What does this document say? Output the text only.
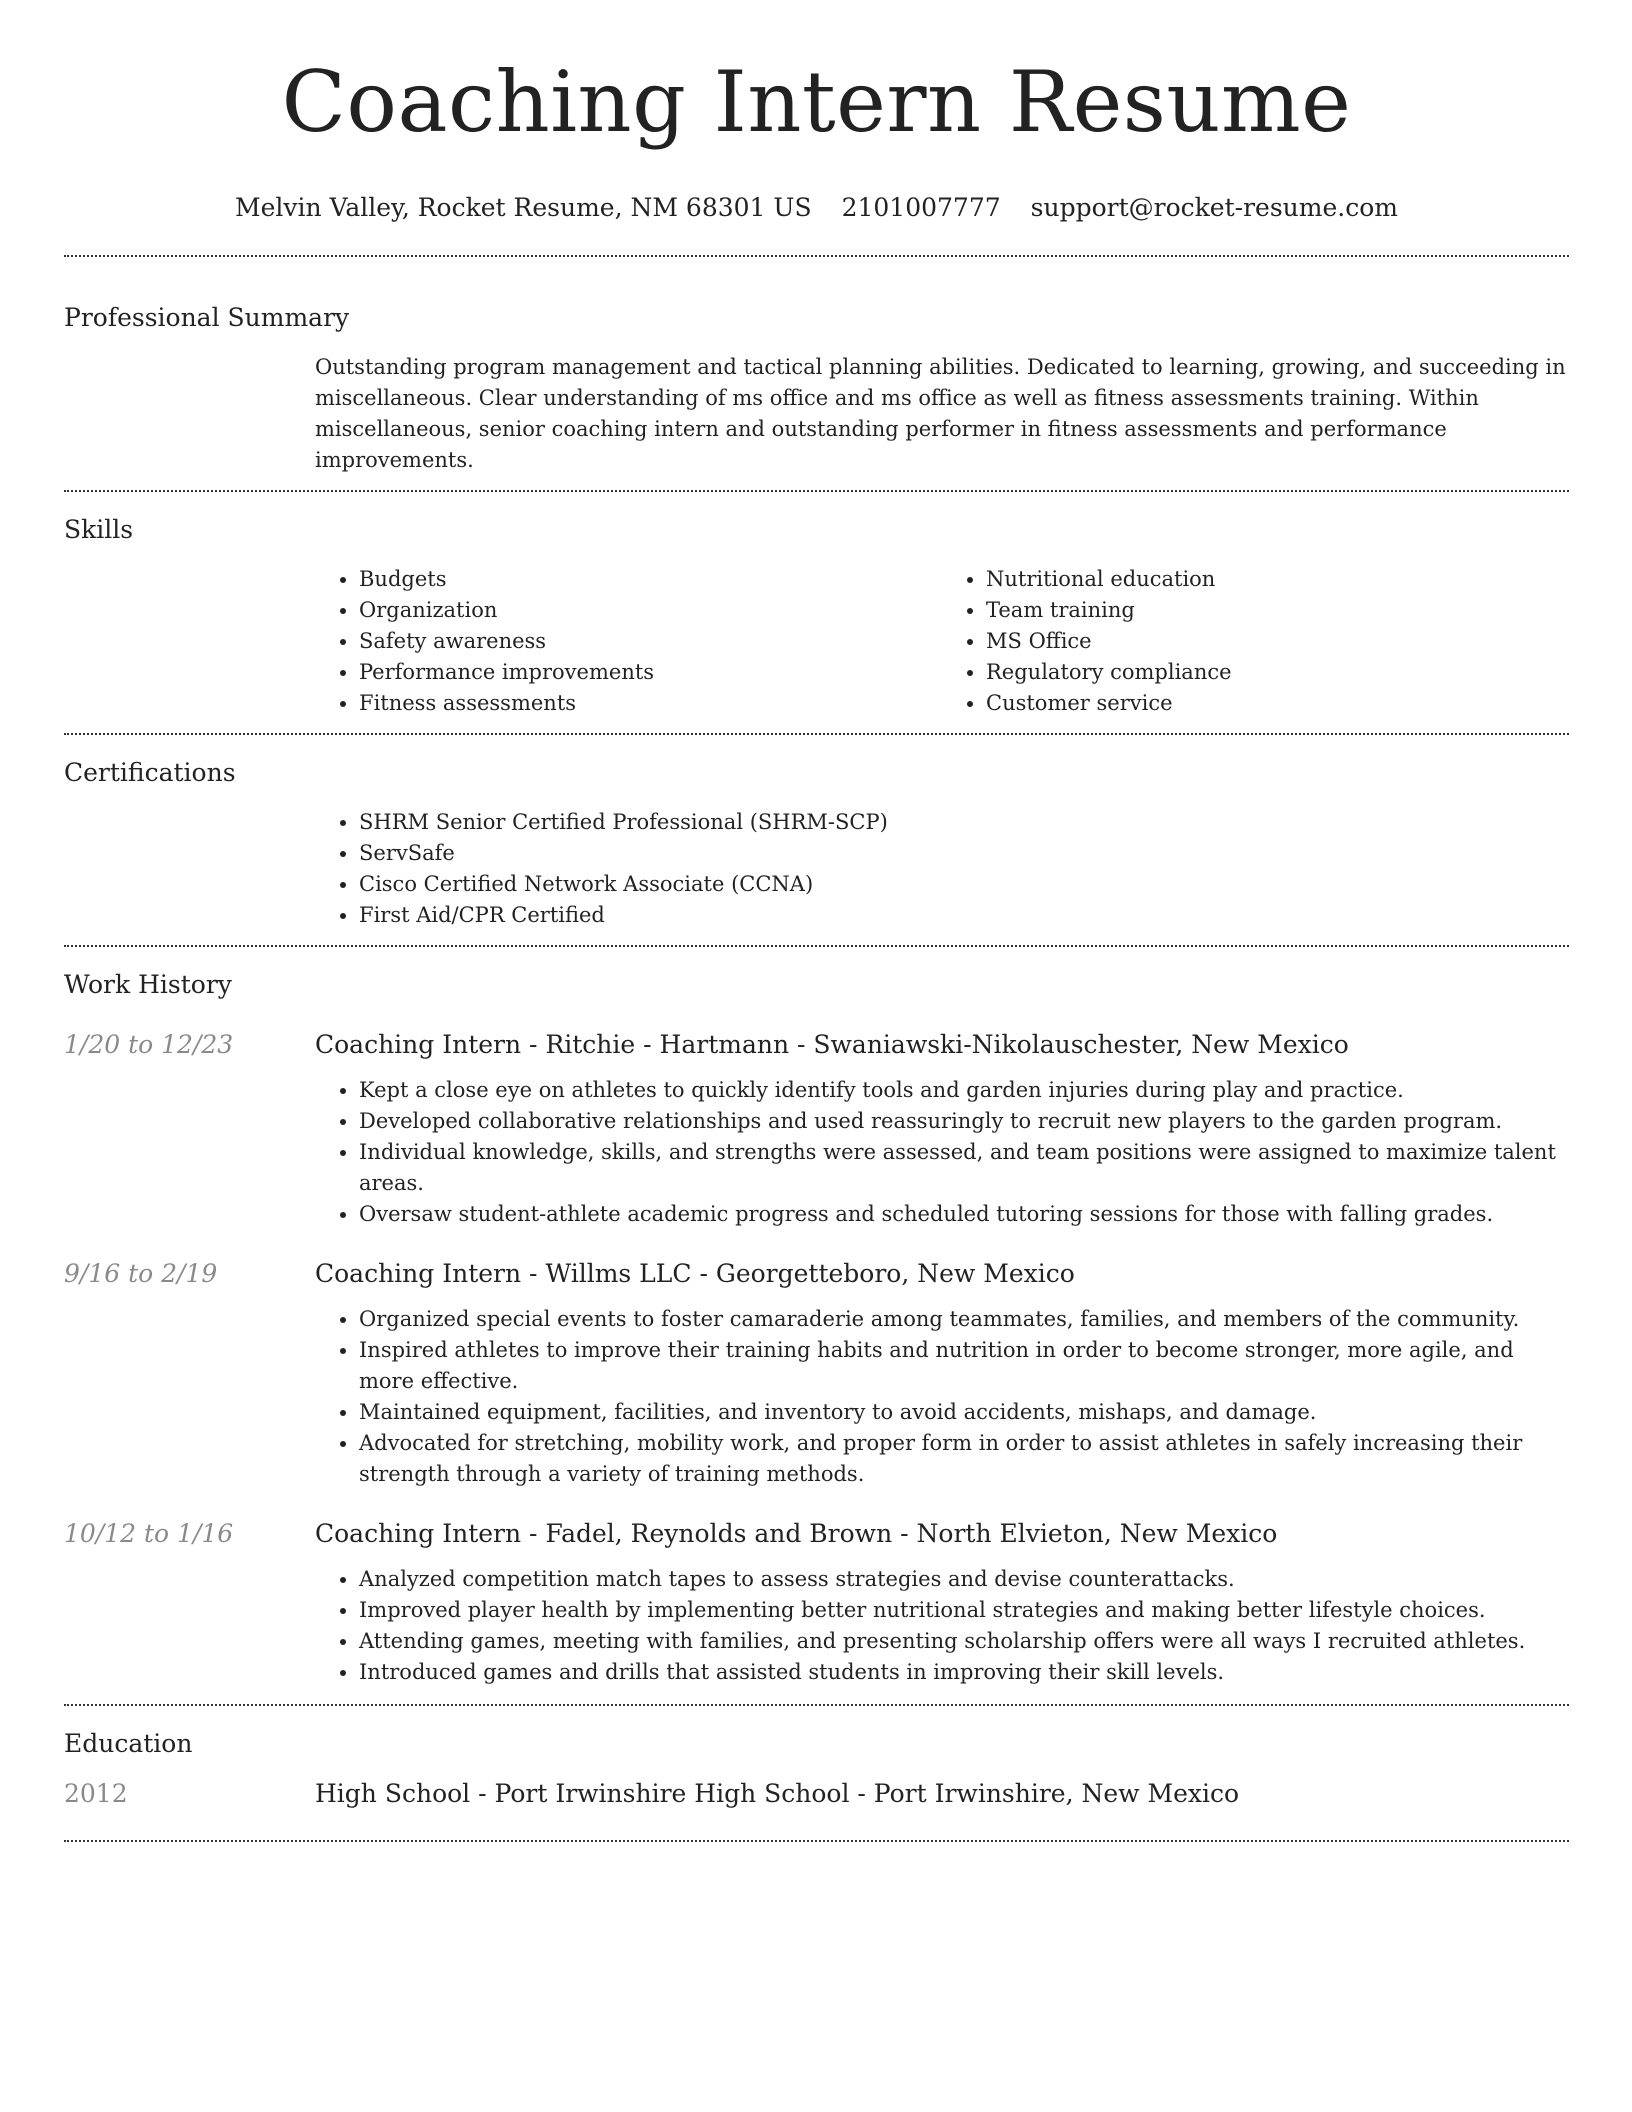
Coaching Intern Resume
Melvin Valley, Rocket Resume, NM 68301 US 2101007777 support@rocket-resume.com
Professional Summary
Outstanding program management and tactical planning abilities. Dedicated to learning, growing, and succeeding in miscellaneous. Clear understanding of ms office and ms office as well as fitness assessments training. Within miscellaneous, senior coaching intern and outstanding performer in fitness assessments and performance improvements.
Skills
• Budgets
• Organization
• Safety awareness
• Performance improvements
• Fitness assessments
• Nutritional education
• Team training
• MS Office
• Regulatory compliance
• Customer service
Certifications
• SHRM Senior Certified Professional (SHRM-SCP)
• ServSafe
• Cisco Certified Network Associate (CCNA)
• First Aid/CPR Certified
Work History
1/20 to 12/23	Coaching Intern - Ritchie - Hartmann - Swaniawski-Nikolauschester, New Mexico
• Kept a close eye on athletes to quickly identify tools and garden injuries during play and practice.
• Developed collaborative relationships and used reassuringly to recruit new players to the garden program.
• Individual knowledge, skills, and strengths were assessed, and team positions were assigned to maximize talent areas.
• Oversaw student-athlete academic progress and scheduled tutoring sessions for those with falling grades.
9/16 to 2/19	Coaching Intern - Willms LLC - Georgetteboro, New Mexico
• Organized special events to foster camaraderie among teammates, families, and members of the community.
• Inspired athletes to improve their training habits and nutrition in order to become stronger, more agile, and more effective.
• Maintained equipment, facilities, and inventory to avoid accidents, mishaps, and damage.
• Advocated for stretching, mobility work, and proper form in order to assist athletes in safely increasing their strength through a variety of training methods.
10/12 to 1/16	Coaching Intern - Fadel, Reynolds and Brown - North Elvieton, New Mexico
• Analyzed competition match tapes to assess strategies and devise counterattacks.
• Improved player health by implementing better nutritional strategies and making better lifestyle choices.
• Attending games, meeting with families, and presenting scholarship offers were all ways I recruited athletes.
• Introduced games and drills that assisted students in improving their skill levels.
Education
2012	High School - Port Irwinshire High School - Port Irwinshire, New Mexico
